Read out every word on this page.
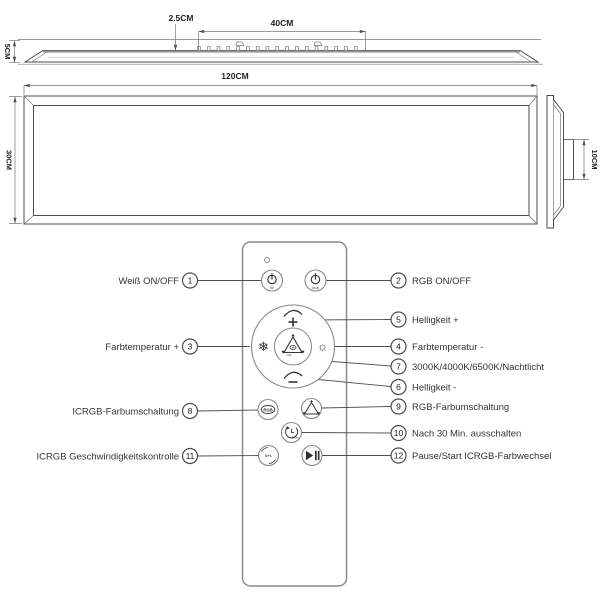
2.5CM	40CM
5CM
120CM
30CM	10CM
W	RGB
❄	☼
CW
RGB
30min
S+/-
1
3
8
11
2
5
4
7
6
9
10
12
Weiß ON/OFF
Farbtemperatur +
ICRGB-Farbumschaltung
ICRGB Geschwindigkeitskontrolle
RGB ON/OFF
Helligkeit +
Farbtemperatur -
3000K/4000K/6500K/Nachtlicht
Helligkeit -
RGB-Farbumschaltung
Nach 30 Min. ausschalten
Pause/Start ICRGB-Farbwechsel
